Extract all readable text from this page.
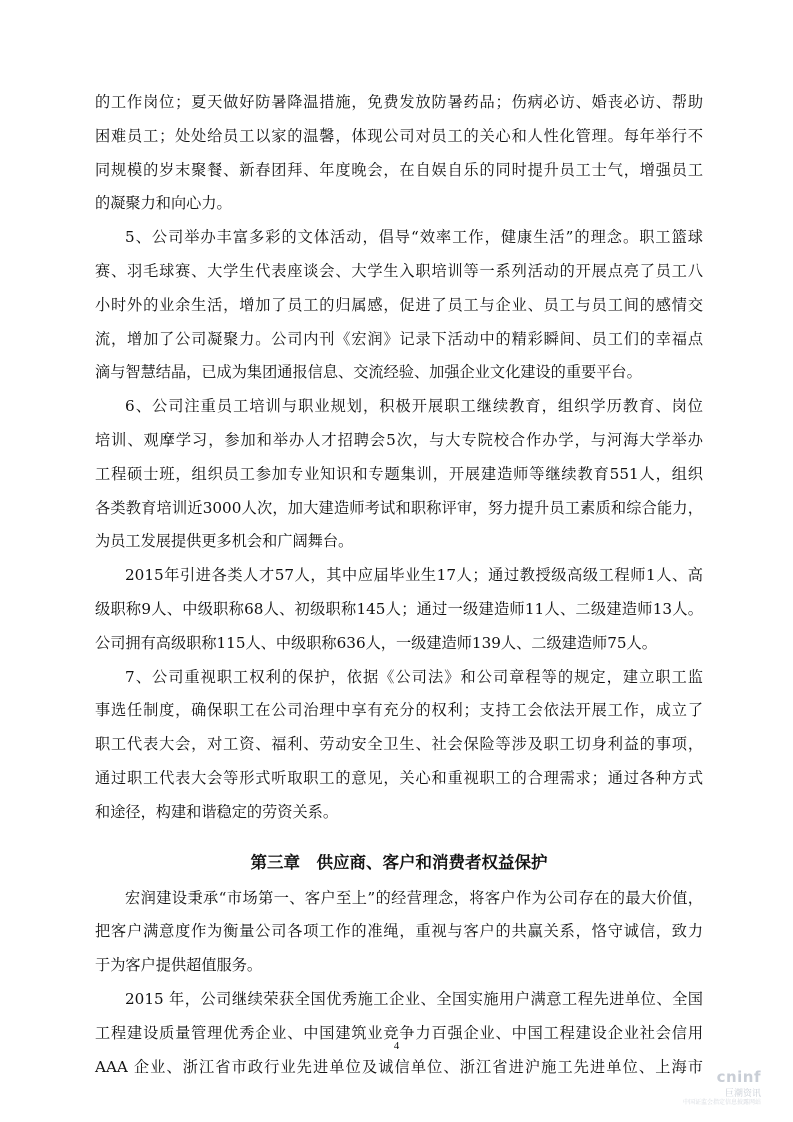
的工作岗位；夏天做好防暑降温措施，免费发放防暑药品；伤病必访、婚丧必访、帮助
困难员工；处处给员工以家的温馨，体现公司对员工的关心和人性化管理。每年举行不
同规模的岁末聚餐、新春团拜、年度晚会，在自娱自乐的同时提升员工士气，增强员工
的凝聚力和向心力。

5、公司举办丰富多彩的文体活动，倡导“效率工作，健康生活”的理念。职工篮球
赛、羽毛球赛、大学生代表座谈会、大学生入职培训等一系列活动的开展点亮了员工八
小时外的业余生活，增加了员工的归属感，促进了员工与企业、员工与员工间的感情交
流，增加了公司凝聚力。公司内刊《宏润》记录下活动中的精彩瞬间、员工们的幸福点
滴与智慧结晶，已成为集团通报信息、交流经验、加强企业文化建设的重要平台。

6、公司注重员工培训与职业规划，积极开展职工继续教育，组织学历教育、岗位
培训、观摩学习，参加和举办人才招聘会5次，与大专院校合作办学，与河海大学举办
工程硕士班，组织员工参加专业知识和专题集训，开展建造师等继续教育551人，组织
各类教育培训近3000人次，加大建造师考试和职称评审，努力提升员工素质和综合能力，
为员工发展提供更多机会和广阔舞台。

2015年引进各类人才57人，其中应届毕业生17人；通过教授级高级工程师1人、高
级职称9人、中级职称68人、初级职称145人；通过一级建造师11人、二级建造师13人。
公司拥有高级职称115人、中级职称636人，一级建造师139人、二级建造师75人。

7、公司重视职工权利的保护，依据《公司法》和公司章程等的规定，建立职工监
事选任制度，确保职工在公司治理中享有充分的权利；支持工会依法开展工作，成立了
职工代表大会，对工资、福利、劳动安全卫生、社会保险等涉及职工切身利益的事项，
通过职工代表大会等形式听取职工的意见，关心和重视职工的合理需求；通过各种方式
和途径，构建和谐稳定的劳资关系。

第三章　供应商、客户和消费者权益保护

宏润建设秉承“市场第一、客户至上”的经营理念，将客户作为公司存在的最大价值，
把客户满意度作为衡量公司各项工作的准绳，重视与客户的共赢关系，恪守诚信，致力
于为客户提供超值服务。

2015 年，公司继续荣获全国优秀施工企业、全国实施用户满意工程先进单位、全国
工程建设质量管理优秀企业、中国建筑业竞争力百强企业、中国工程建设企业社会信用
AAA 企业、浙江省市政行业先进单位及诚信单位、浙江省进沪施工先进单位、上海市

4
cninf
巨潮资讯
中国证监会指定信息披露网站
